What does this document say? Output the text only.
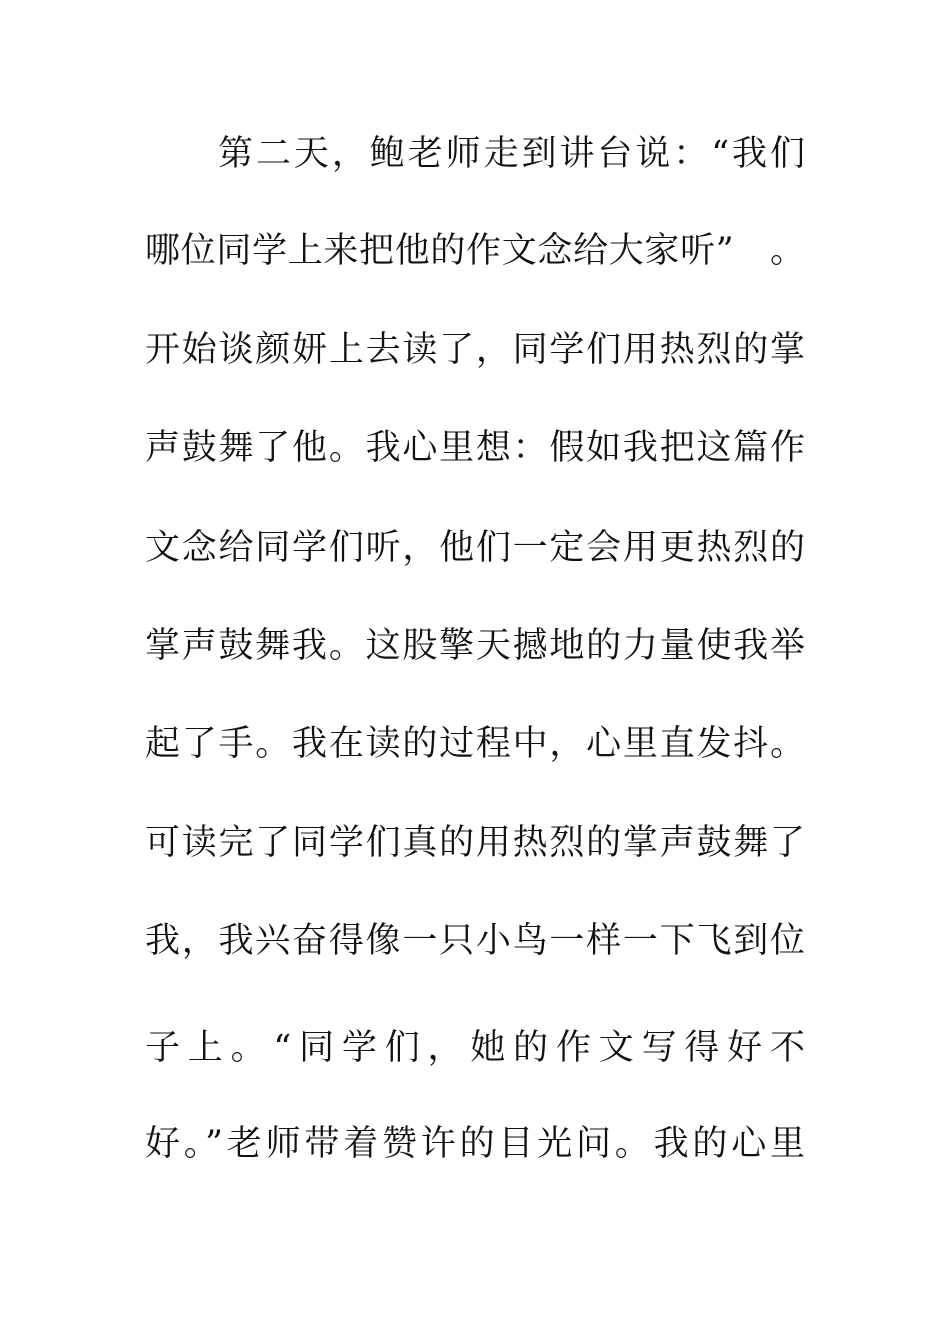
第二天，鲍老师走到讲台说：“我们
哪位同学上来把他的作文念给大家听”　。
开始谈颜妍上去读了，同学们用热烈的掌
声鼓舞了他。我心里想：假如我把这篇作
文念给同学们听，他们一定会用更热烈的
掌声鼓舞我。这股擎天撼地的力量使我举
起了手。我在读的过程中，心里直发抖。
可读完了同学们真的用热烈的掌声鼓舞了
我，我兴奋得像一只小鸟一样一下飞到位
子上。“同学们，她的作文写得好不
好。”老师带着赞许的目光问。我的心里
